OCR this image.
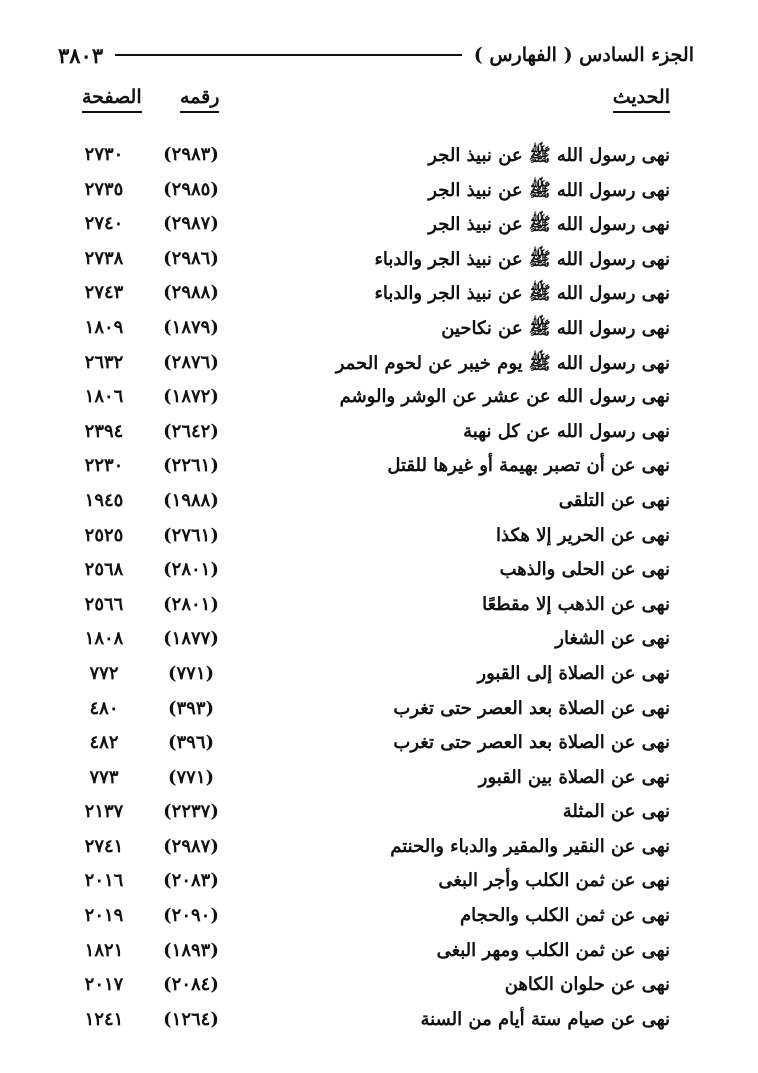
الجزء السادس ( الفهارس )
٣٨٠٣
الحديث
رقمه
الصفحة
نهى رسول الله ﷺ عن نبيذ الجر
(٢٩٨٣)
٢٧٣٠
نهى رسول الله ﷺ عن نبيذ الجر
(٢٩٨٥)
٢٧٣٥
نهى رسول الله ﷺ عن نبيذ الجر
(٢٩٨٧)
٢٧٤٠
نهى رسول الله ﷺ عن نبيذ الجر والدباء
(٢٩٨٦)
٢٧٣٨
نهى رسول الله ﷺ عن نبيذ الجر والدباء
(٢٩٨٨)
٢٧٤٣
نهى رسول الله ﷺ عن نكاحين
(١٨٧٩)
١٨٠٩
نهى رسول الله ﷺ يوم خيبر عن لحوم الحمر
(٢٨٧٦)
٢٦٣٢
نهى رسول الله عن عشر عن الوشر والوشم
(١٨٧٢)
١٨٠٦
نهى رسول الله عن كل نهبة
(٢٦٤٢)
٢٣٩٤
نهى عن أن تصبر بهيمة أو غيرها للقتل
(٢٢٦١)
٢٢٣٠
نهى عن التلقى
(١٩٨٨)
١٩٤٥
نهى عن الحرير إلا هكذا
(٢٧٦١)
٢٥٢٥
نهى عن الحلى والذهب
(٢٨٠١)
٢٥٦٨
نهى عن الذهب إلا مقطعًا
(٢٨٠١)
٢٥٦٦
نهى عن الشغار
(١٨٧٧)
١٨٠٨
نهى عن الصلاة إلى القبور
(٧٧١)
٧٧٢
نهى عن الصلاة بعد العصر حتى تغرب
(٣٩٣)
٤٨٠
نهى عن الصلاة بعد العصر حتى تغرب
(٣٩٦)
٤٨٢
نهى عن الصلاة بين القبور
(٧٧١)
٧٧٣
نهى عن المثلة
(٢٢٣٧)
٢١٣٧
نهى عن النقير والمقير والدباء والحنتم
(٢٩٨٧)
٢٧٤١
نهى عن ثمن الكلب وأجر البغى
(٢٠٨٣)
٢٠١٦
نهى عن ثمن الكلب والحجام
(٢٠٩٠)
٢٠١٩
نهى عن ثمن الكلب ومهر البغى
(١٨٩٣)
١٨٢١
نهى عن حلوان الكاهن
(٢٠٨٤)
٢٠١٧
نهى عن صيام ستة أيام من السنة
(١٢٦٤)
١٢٤١
